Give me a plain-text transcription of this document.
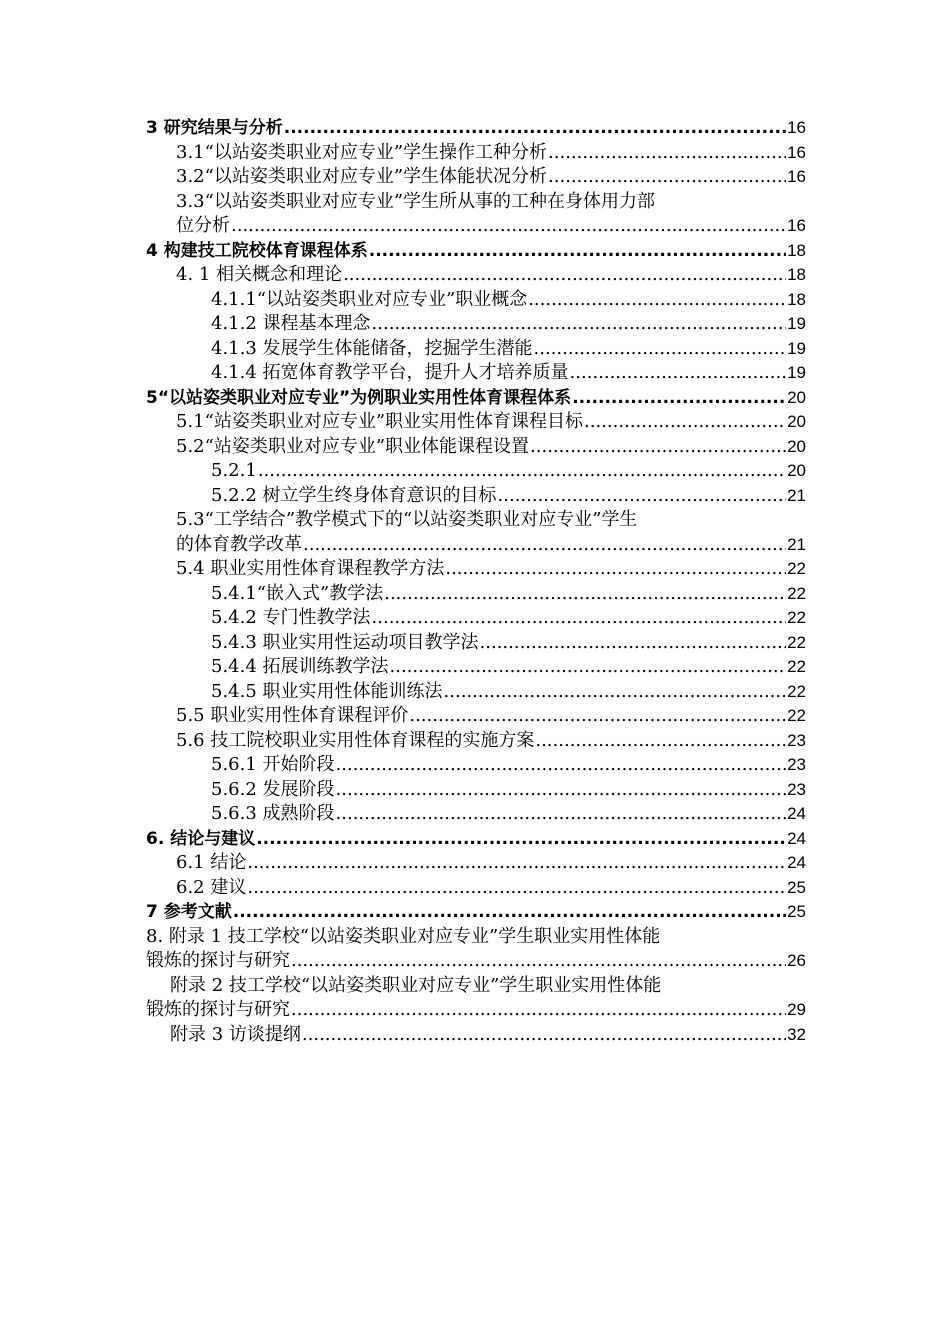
3 研究结果与分析 .....	16
3.1“以站姿类职业对应专业”学生操作工种分析 .....	16
3.2“以站姿类职业对应专业”学生体能状况分析 .....	16
3.3“以站姿类职业对应专业”学生所从事的工种在身体用力部
位分析 .....	16
4 构建技工院校体育课程体系 .....	18
4. 1 相关概念和理论 .....	18
4.1.1“以站姿类职业对应专业”职业概念 .....	18
4.1.2 课程基本理念 .....	19
4.1.3 发展学生体能储备，挖掘学生潜能 .....	19
4.1.4 拓宽体育教学平台，提升人才培养质量 .....	19
5“以站姿类职业对应专业”为例职业实用性体育课程体系 .....	20
5.1“站姿类职业对应专业”职业实用性体育课程目标 .....	20
5.2“站姿类职业对应专业”职业体能课程设置 .....	20
5.2.1 .....	20
5.2.2 树立学生终身体育意识的目标 .....	21
5.3“工学结合”教学模式下的“以站姿类职业对应专业”学生
的体育教学改革 .....	21
5.4 职业实用性体育课程教学方法 .....	22
5.4.1“嵌入式”教学法 .....	22
5.4.2 专门性教学法 .....	22
5.4.3 职业实用性运动项目教学法 .....	22
5.4.4 拓展训练教学法 .....	22
5.4.5 职业实用性体能训练法 .....	22
5.5 职业实用性体育课程评价 .....	22
5.6 技工院校职业实用性体育课程的实施方案 .....	23
5.6.1 开始阶段 .....	23
5.6.2 发展阶段 .....	23
5.6.3 成熟阶段 .....	24
6. 结论与建议 .....	24
6.1 结论 .....	24
6.2 建议 .....	25
7 参考文献 .....	25
8. 附录 1 技工学校“以站姿类职业对应专业”学生职业实用性体能
锻炼的探讨与研究 .....	26
附录 2 技工学校“以站姿类职业对应专业”学生职业实用性体能
锻炼的探讨与研究 .....	29
附录 3 访谈提纲 .....	32
